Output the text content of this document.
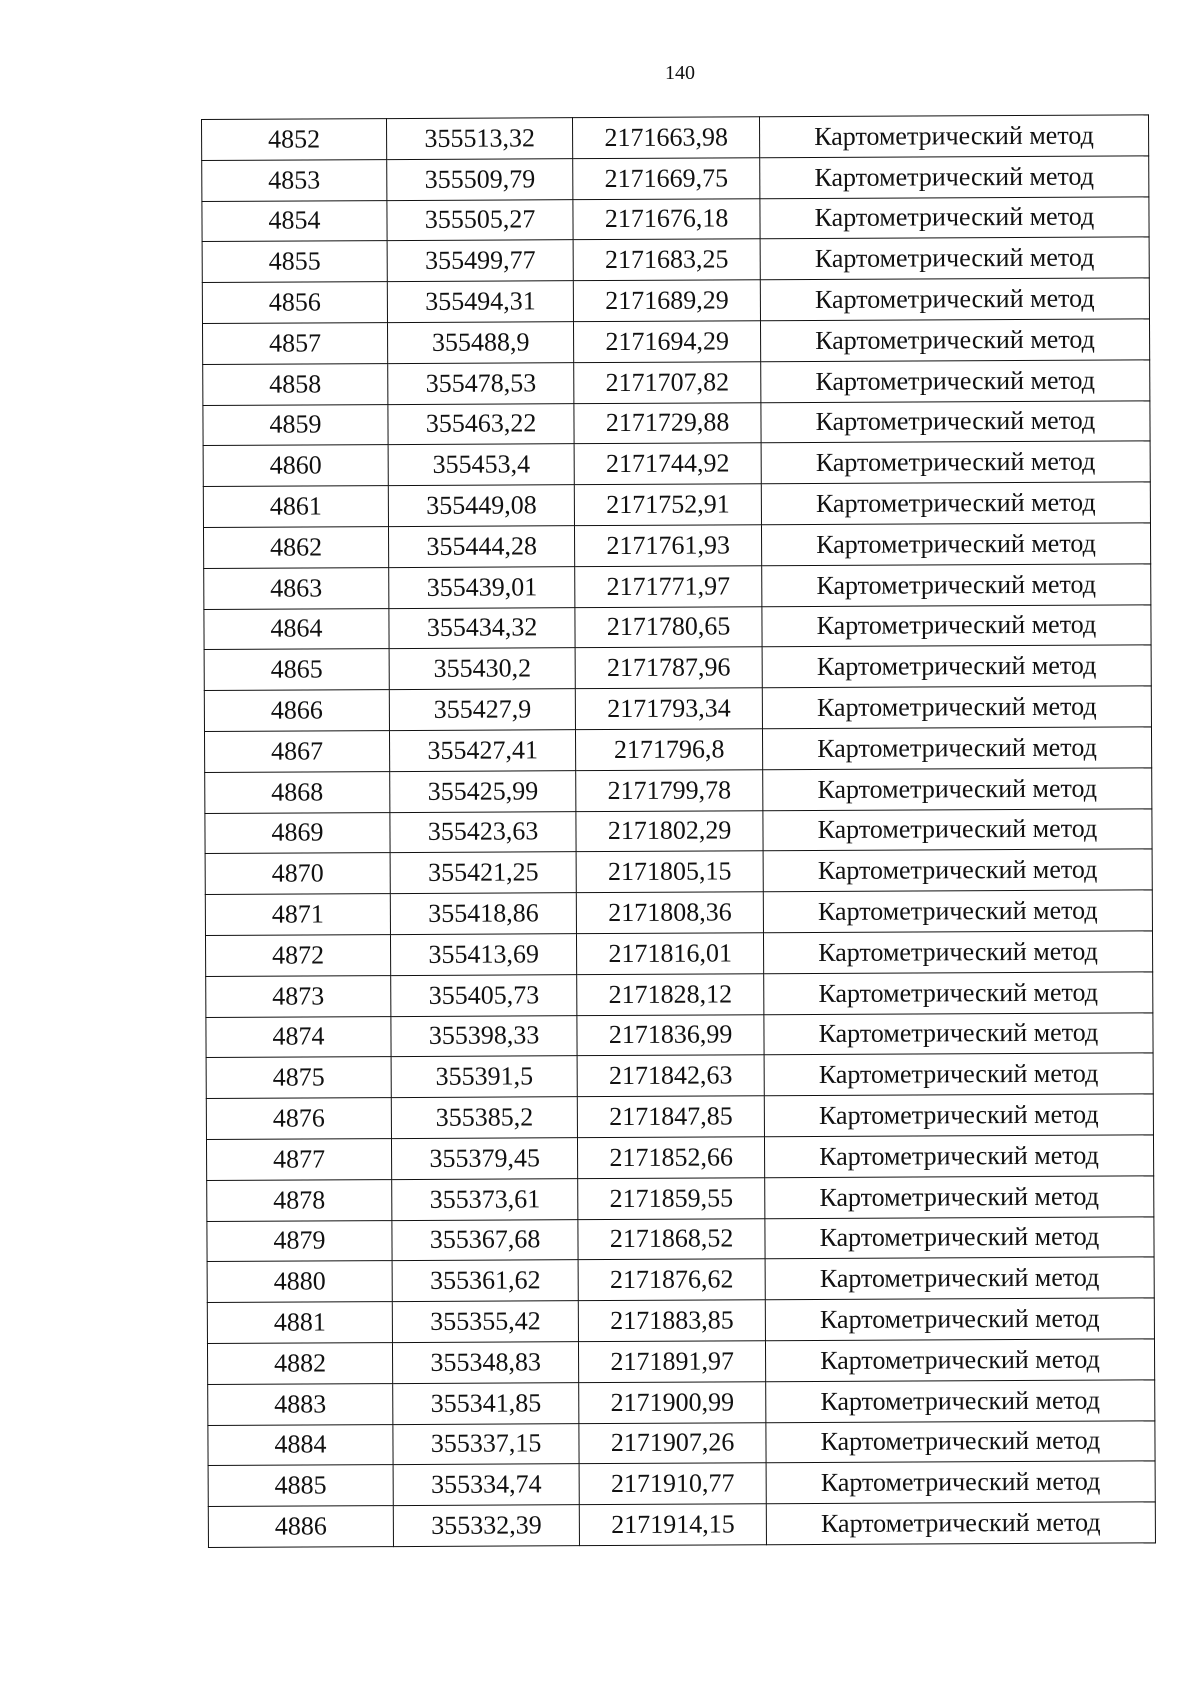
140
4852	355513,32	2171663,98	Картометрический метод
4853	355509,79	2171669,75	Картометрический метод
4854	355505,27	2171676,18	Картометрический метод
4855	355499,77	2171683,25	Картометрический метод
4856	355494,31	2171689,29	Картометрический метод
4857	355488,9	2171694,29	Картометрический метод
4858	355478,53	2171707,82	Картометрический метод
4859	355463,22	2171729,88	Картометрический метод
4860	355453,4	2171744,92	Картометрический метод
4861	355449,08	2171752,91	Картометрический метод
4862	355444,28	2171761,93	Картометрический метод
4863	355439,01	2171771,97	Картометрический метод
4864	355434,32	2171780,65	Картометрический метод
4865	355430,2	2171787,96	Картометрический метод
4866	355427,9	2171793,34	Картометрический метод
4867	355427,41	2171796,8	Картометрический метод
4868	355425,99	2171799,78	Картометрический метод
4869	355423,63	2171802,29	Картометрический метод
4870	355421,25	2171805,15	Картометрический метод
4871	355418,86	2171808,36	Картометрический метод
4872	355413,69	2171816,01	Картометрический метод
4873	355405,73	2171828,12	Картометрический метод
4874	355398,33	2171836,99	Картометрический метод
4875	355391,5	2171842,63	Картометрический метод
4876	355385,2	2171847,85	Картометрический метод
4877	355379,45	2171852,66	Картометрический метод
4878	355373,61	2171859,55	Картометрический метод
4879	355367,68	2171868,52	Картометрический метод
4880	355361,62	2171876,62	Картометрический метод
4881	355355,42	2171883,85	Картометрический метод
4882	355348,83	2171891,97	Картометрический метод
4883	355341,85	2171900,99	Картометрический метод
4884	355337,15	2171907,26	Картометрический метод
4885	355334,74	2171910,77	Картометрический метод
4886	355332,39	2171914,15	Картометрический метод
